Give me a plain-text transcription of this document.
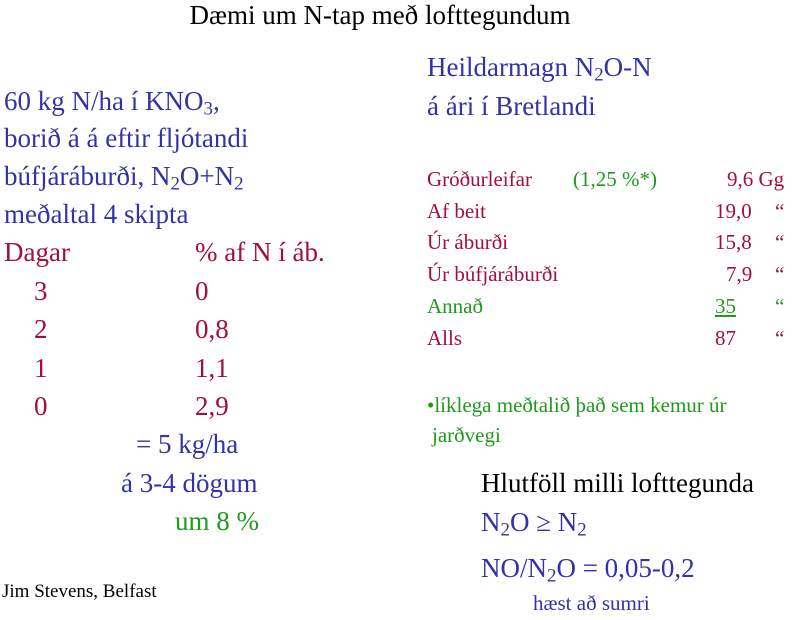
Dæmi um N-tap með lofttegundum
60 kg N/ha í $KNO_3$,
borið á á eftir fljótandi
búfjáráburði, $N_2O+N_2$
meðaltal 4 skipta
Dagar	% af N í áb.
3	0
2	0,8
1	1,1
0	2,9
= 5 kg/ha
á 3-4 dögum
um 8 %
Jim Stevens, Belfast
Heildarmagn $N_2O-N$
á ári í Bretlandi
Gróðurleifar (1,25 %*)	9,6 Gg
Af beit	19,0 “
Úr áburði	15,8 “
Úr búfjáráburði	7,9 “
Annað	35	“
Alls	87 “
•líklega meðtalið það sem kemur úr
jarðvegi
Hlutföll milli lofttegunda
$N_2O \ge N_2$
$NO/N_2O = 0,05-0,2$
hæst að sumri
